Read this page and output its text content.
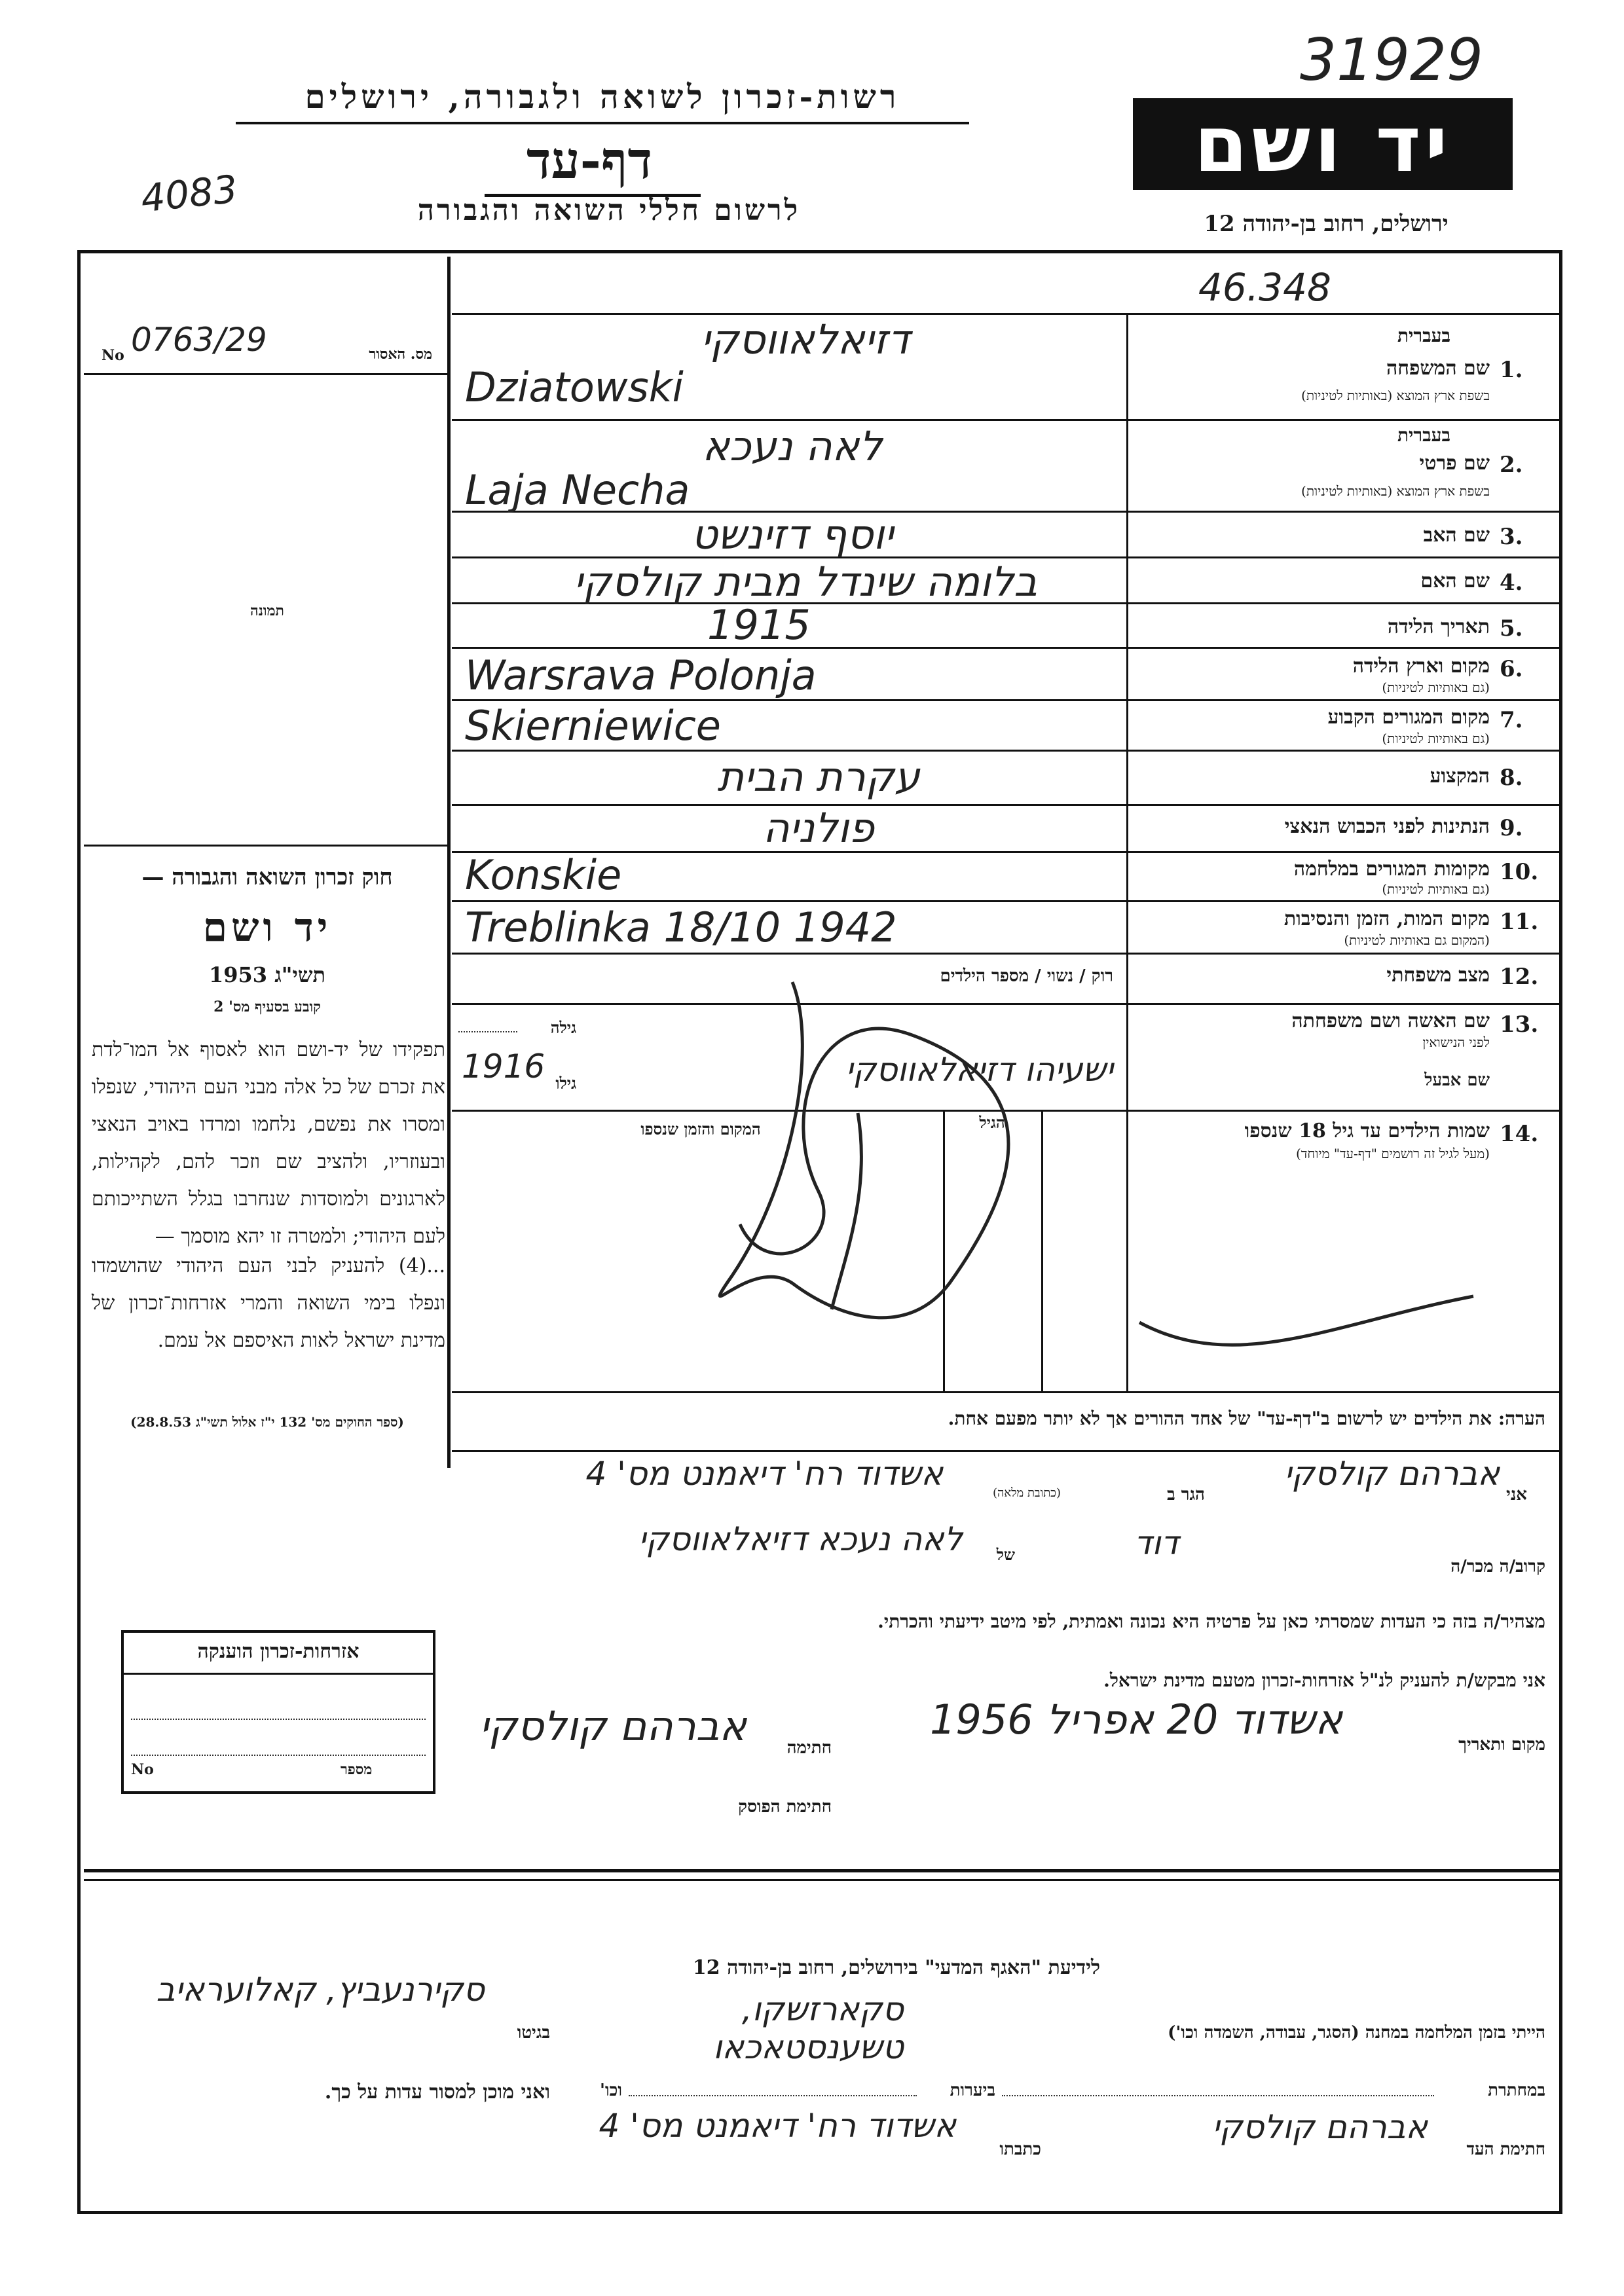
31929
4083
רשות-זכרון לשואה ולגבורה, ירושלים
דף-עד
לרשום חללי השואה והגבורה
יד ושם
ירושלים, רחוב בן-יהודה 12
46.348
מס. האסור
No 0763/29
תמונה
חוק זכרון השואה והגבורה —
יד ושם
תשי"ג 1953
קובע בסעיף מס' 2
תפקידו של יד-ושם הוא לאסוף אל המו־לדת את זכרם של כל אלה מבני העם היהודי, שנפלו ומסרו את נפשם, נלחמו ומרדו באויב הנאצי ובעוזריו, ולהציב שם וזכר להם, לקהילות, לארגונים ולמוסדות שנחרבו בגלל השתייכותם לעם היהודי; ולמטרה זו יהא מוסמך —
...(4) להעניק לבני העם היהודי שהושמדו ונפלו בימי השואה והמרי אזרחות־זכרון של מדינת ישראל לאות האיספם אל עמם.
(ספר החוקים מס' 132 י"ז אלול תשי"ג 28.8.53)
אזרחות-זכרון הוענקה
מספר
No
בעברית
1.
שם המשפחה
בשפת ארץ המוצא (באותיות לטיניות)
בעברית
2.
שם פרטי
בשפת ארץ המוצא (באותיות לטיניות)
3.
שם האב
4.
שם האם
5.
תאריך הלידה
6.
מקום וארץ הלידה
(גם באותיות לטיניות)
7.
מקום המגורים הקבוע
(גם באותיות לטיניות)
8.
המקצוע
9.
הנתינות לפני הכבוש הנאצי
10.
מקומות המגורים במלחמה
(גם באותיות לטיניות)
11.
מקום המות, הזמן והנסיבות
(המקום גם באותיות לטיניות)
12.
מצב משפחתי
רוק / נשוי / מספר הילדים
13.
שם האשה ושם משפחתה
לפני הנישואין
שם אבעל
גילה
גילו
1916	ישעיהו דזיאלאווסקי
14.
שמות הילדים עד גיל 18 שנספו
(מעל לגיל זה רושמים "דף-עד" מיוחד)
הגיל
המקום והזמן שנספו
דזיאלאווסקי
Dziatowski
לאה נעכא
Laja Necha
יוסף דזינשט
בלומה שינדל מבית קולסקי
1915
Warsrava Polonja
Skierniewice
עקרת הבית
פולניה
Konskie
Treblinka 18/10 1942
הערה: את הילדים יש לרשום ב"דף-עד" של אחד ההורים אך לא יותר מפעם אחת.
אני
אברהם קולסקי
הגר ב
(כתובת מלאה)
אשדוד רח' דיאמנט מס' 4
קרוב/ה מכר/ה
דוד
של
לאה נעכא דזיאלאווסקי
מצהיר/ה בזה כי העדות שמסרתי כאן על פרטיה היא נכונה ואמתית, לפי מיטב ידיעתי והכרתי.
אני מבקש/ת להעניק לנ"ל אזרחות-זכרון מטעם מדינת ישראל.
מקום ותאריך
אשדוד 20 אפריל 1956
חתימה
אברהם קולסקי
חתימת הפוסק
לידיעת "האגף המדעי" בירושלים, רחוב בן-יהודה 12
הייתי בזמן המלחמה במחנה (הסגר, עבודה, השמדה וכו')
סקארזשקו, טשענסטאכאו
בגיטו
סקירנעביץ, קאלועראיב
במחתרת
ביערות
וכו'
ואני מוכן למסור עדות על כך.
חתימת העד
אברהם קולסקי
כתבתו
אשדוד רח' דיאמנט מס' 4
